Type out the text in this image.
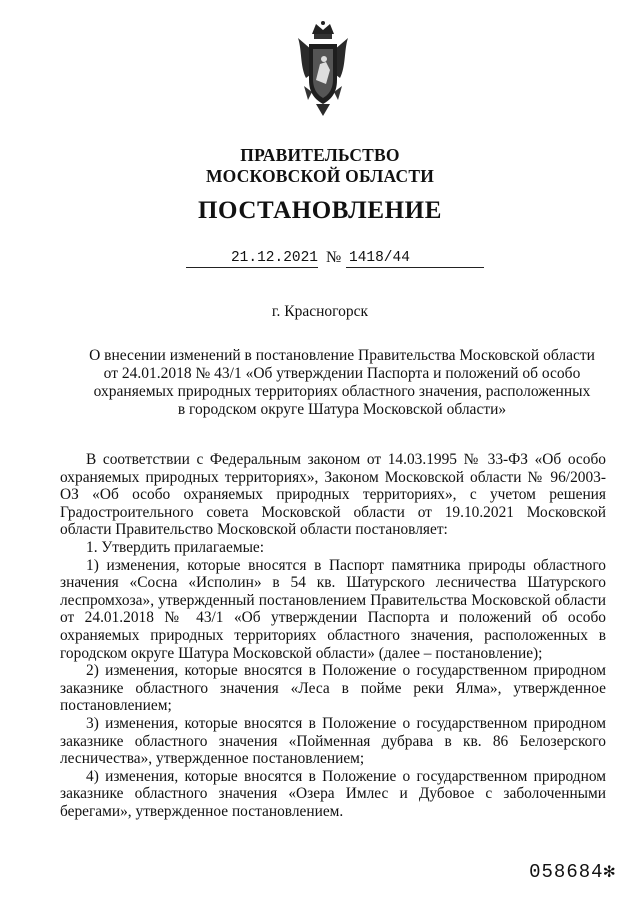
ПРАВИТЕЛЬСТВО
МОСКОВСКОЙ ОБЛАСТИ
ПОСТАНОВЛЕНИЕ
21.12.2021 № 1418/44
г. Красногорск
О внесении изменений в постановление Правительства Московской области
от 24.01.2018 № 43/1 «Об утверждении Паспорта и положений об особо
охраняемых природных территориях областного значения, расположенных
в городском округе Шатура Московской области»

В соответствии с Федеральным законом от 14.03.1995 № 33-ФЗ «Об особо охраняемых природных территориях», Законом Московской области № 96/2003-ОЗ «Об особо охраняемых природных территориях», с учетом решения Градостроительного совета Московской области от 19.10.2021 Московской области Правительство Московской области постановляет:

1. Утвердить прилагаемые:

1) изменения, которые вносятся в Паспорт памятника природы областного значения «Сосна «Исполин» в 54 кв. Шатурского лесничества Шатурского леспромхоза», утвержденный постановлением Правительства Московской области от 24.01.2018 № 43/1 «Об утверждении Паспорта и положений об особо охраняемых природных территориях областного значения, расположенных в городском округе Шатура Московской области» (далее – постановление);

2) изменения, которые вносятся в Положение о государственном природном заказнике областного значения «Леса в пойме реки Ялма», утвержденное постановлением;

3) изменения, которые вносятся в Положение о государственном природном заказнике областного значения «Пойменная дубрава в кв. 86 Белозерского лесничества», утвержденное постановлением;

4) изменения, которые вносятся в Положение о государственном природном заказнике областного значения «Озера Имлес и Дубовое с заболоченными берегами», утвержденное постановлением.

058684✻
